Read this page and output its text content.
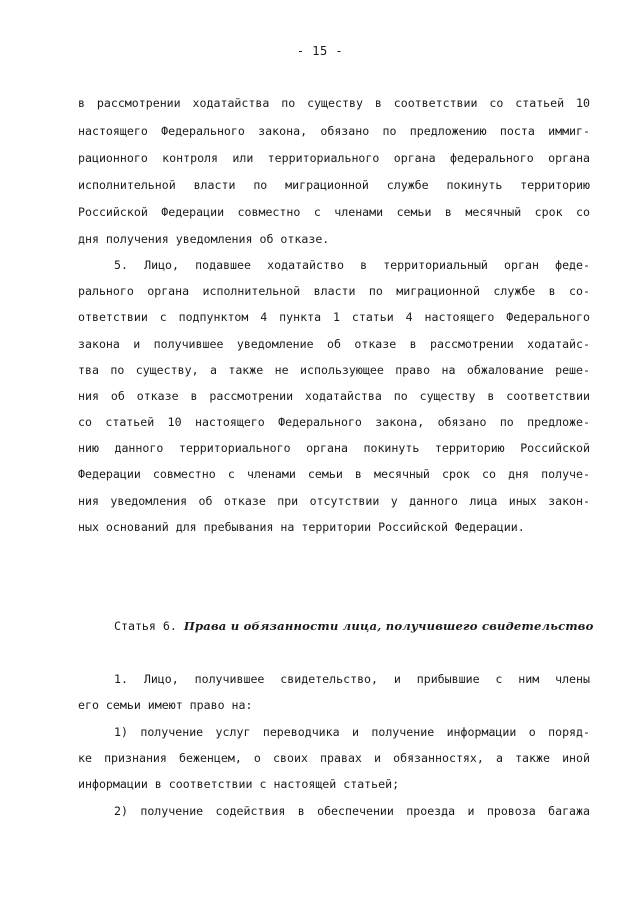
- 15 -
в рассмотрении ходатайства по существу в соответствии со статьей 10
настоящего Федерального закона, обязано по предложению поста иммиг-
рационного контроля или территориального органа федерального органа
исполнительной власти по миграционной службе покинуть территорию
Российской Федерации совместно с членами семьи в месячный срок со
дня получения уведомления об отказе.
5. Лицо, подавшее ходатайство в территориальный орган феде-
рального органа исполнительной власти по миграционной службе в со-
ответствии с подпунктом 4 пункта 1 статьи 4 настоящего Федерального
закона и получившее уведомление об отказе в рассмотрении ходатайс-
тва по существу, а также не использующее право на обжалование реше-
ния об отказе в рассмотрении ходатайства по существу в соответствии
со статьей 10 настоящего Федерального закона, обязано по предложе-
нию данного территориального органа покинуть территорию Российской
Федерации совместно с членами семьи в месячный срок со дня получе-
ния уведомления об отказе при отсутствии у данного лица иных закон-
ных оснований для пребывания на территории Российской Федерации.
Статья 6. Права и обязанности лица, получившего свидетельство
1. Лицо, получившее свидетельство, и прибывшие с ним члены
его семьи имеют право на:
1) получение услуг переводчика и получение информации о поряд-
ке признания беженцем, о своих правах и обязанностях, а также иной
информации в соответствии с настоящей статьей;
2) получение содействия в обеспечении проезда и провоза багажа
